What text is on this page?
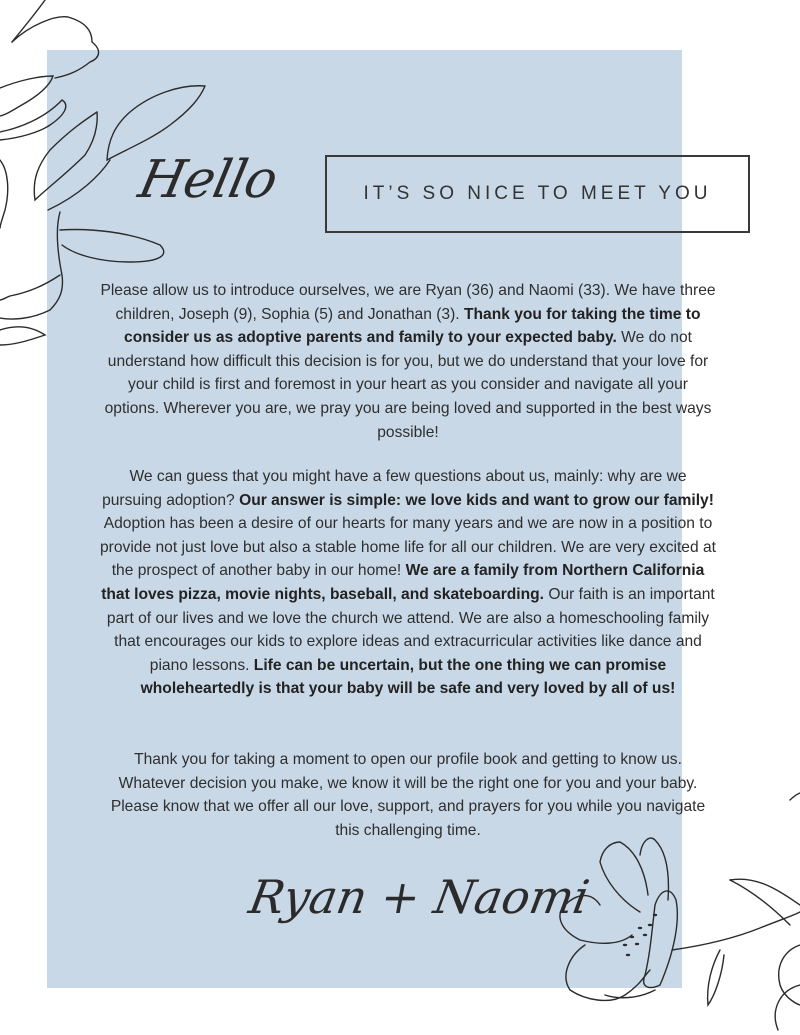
Hello	IT’S SO NICE TO MEET YOU
Please allow us to introduce ourselves, we are Ryan (36) and Naomi (33). We have three children, Joseph (9), Sophia (5) and Jonathan (3). Thank you for taking the time to consider us as adoptive parents and family to your expected baby. We do not understand how difficult this decision is for you, but we do understand that your love for your child is first and foremost in your heart as you consider and navigate all your options. Wherever you are, we pray you are being loved and supported in the best ways possible!
We can guess that you might have a few questions about us, mainly: why are we pursuing adoption? Our answer is simple: we love kids and want to grow our family! Adoption has been a desire of our hearts for many years and we are now in a position to provide not just love but also a stable home life for all our children. We are very excited at the prospect of another baby in our home! We are a family from Northern California that loves pizza, movie nights, baseball, and skateboarding. Our faith is an important part of our lives and we love the church we attend. We are also a homeschooling family that encourages our kids to explore ideas and extracurricular activities like dance and piano lessons. Life can be uncertain, but the one thing we can promise wholeheartedly is that your baby will be safe and very loved by all of us!
Thank you for taking a moment to open our profile book and getting to know us. Whatever decision you make, we know it will be the right one for you and your baby. Please know that we offer all our love, support, and prayers for you while you navigate this challenging time.
Ryan + Naomi
